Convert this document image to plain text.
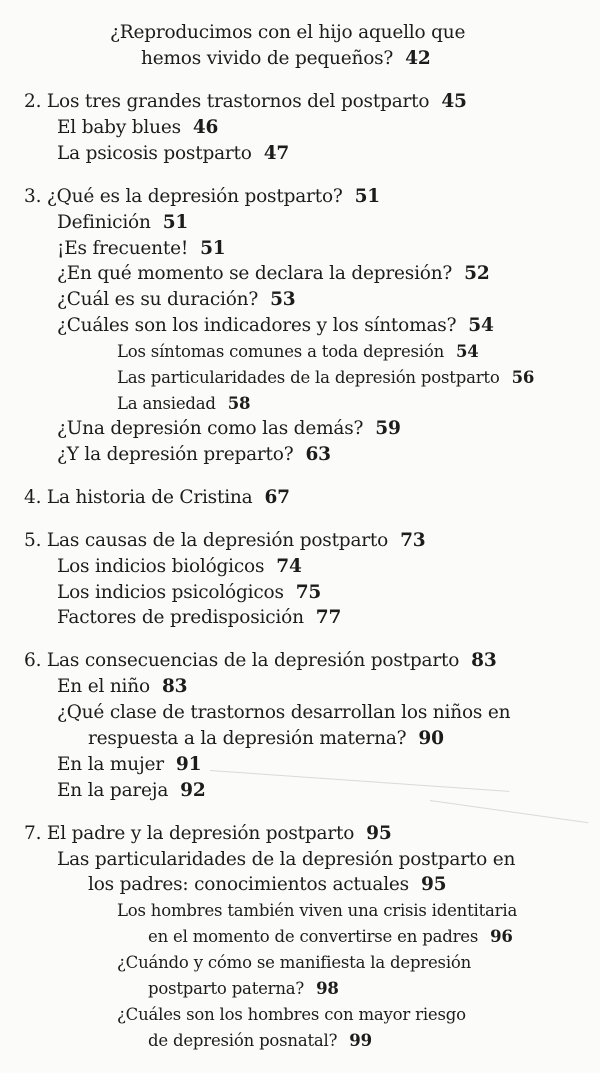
¿Reproducimos con el hijo aquello que
hemos vivido de pequeños? 42
2. Los tres grandes trastornos del postparto 45
El baby blues 46
La psicosis postparto 47
3. ¿Qué es la depresión postparto? 51
Definición 51
¡Es frecuente! 51
¿En qué momento se declara la depresión? 52
¿Cuál es su duración? 53
¿Cuáles son los indicadores y los síntomas? 54
Los síntomas comunes a toda depresión 54
Las particularidades de la depresión postparto 56
La ansiedad 58
¿Una depresión como las demás? 59
¿Y la depresión preparto? 63
4. La historia de Cristina 67
5. Las causas de la depresión postparto 73
Los indicios biológicos 74
Los indicios psicológicos 75
Factores de predisposición 77
6. Las consecuencias de la depresión postparto 83
En el niño 83
¿Qué clase de trastornos desarrollan los niños en
respuesta a la depresión materna? 90
En la mujer 91
En la pareja 92
7. El padre y la depresión postparto 95
Las particularidades de la depresión postparto en
los padres: conocimientos actuales 95
Los hombres también viven una crisis identitaria
en el momento de convertirse en padres 96
¿Cuándo y cómo se manifiesta la depresión
postparto paterna? 98
¿Cuáles son los hombres con mayor riesgo
de depresión posnatal? 99
